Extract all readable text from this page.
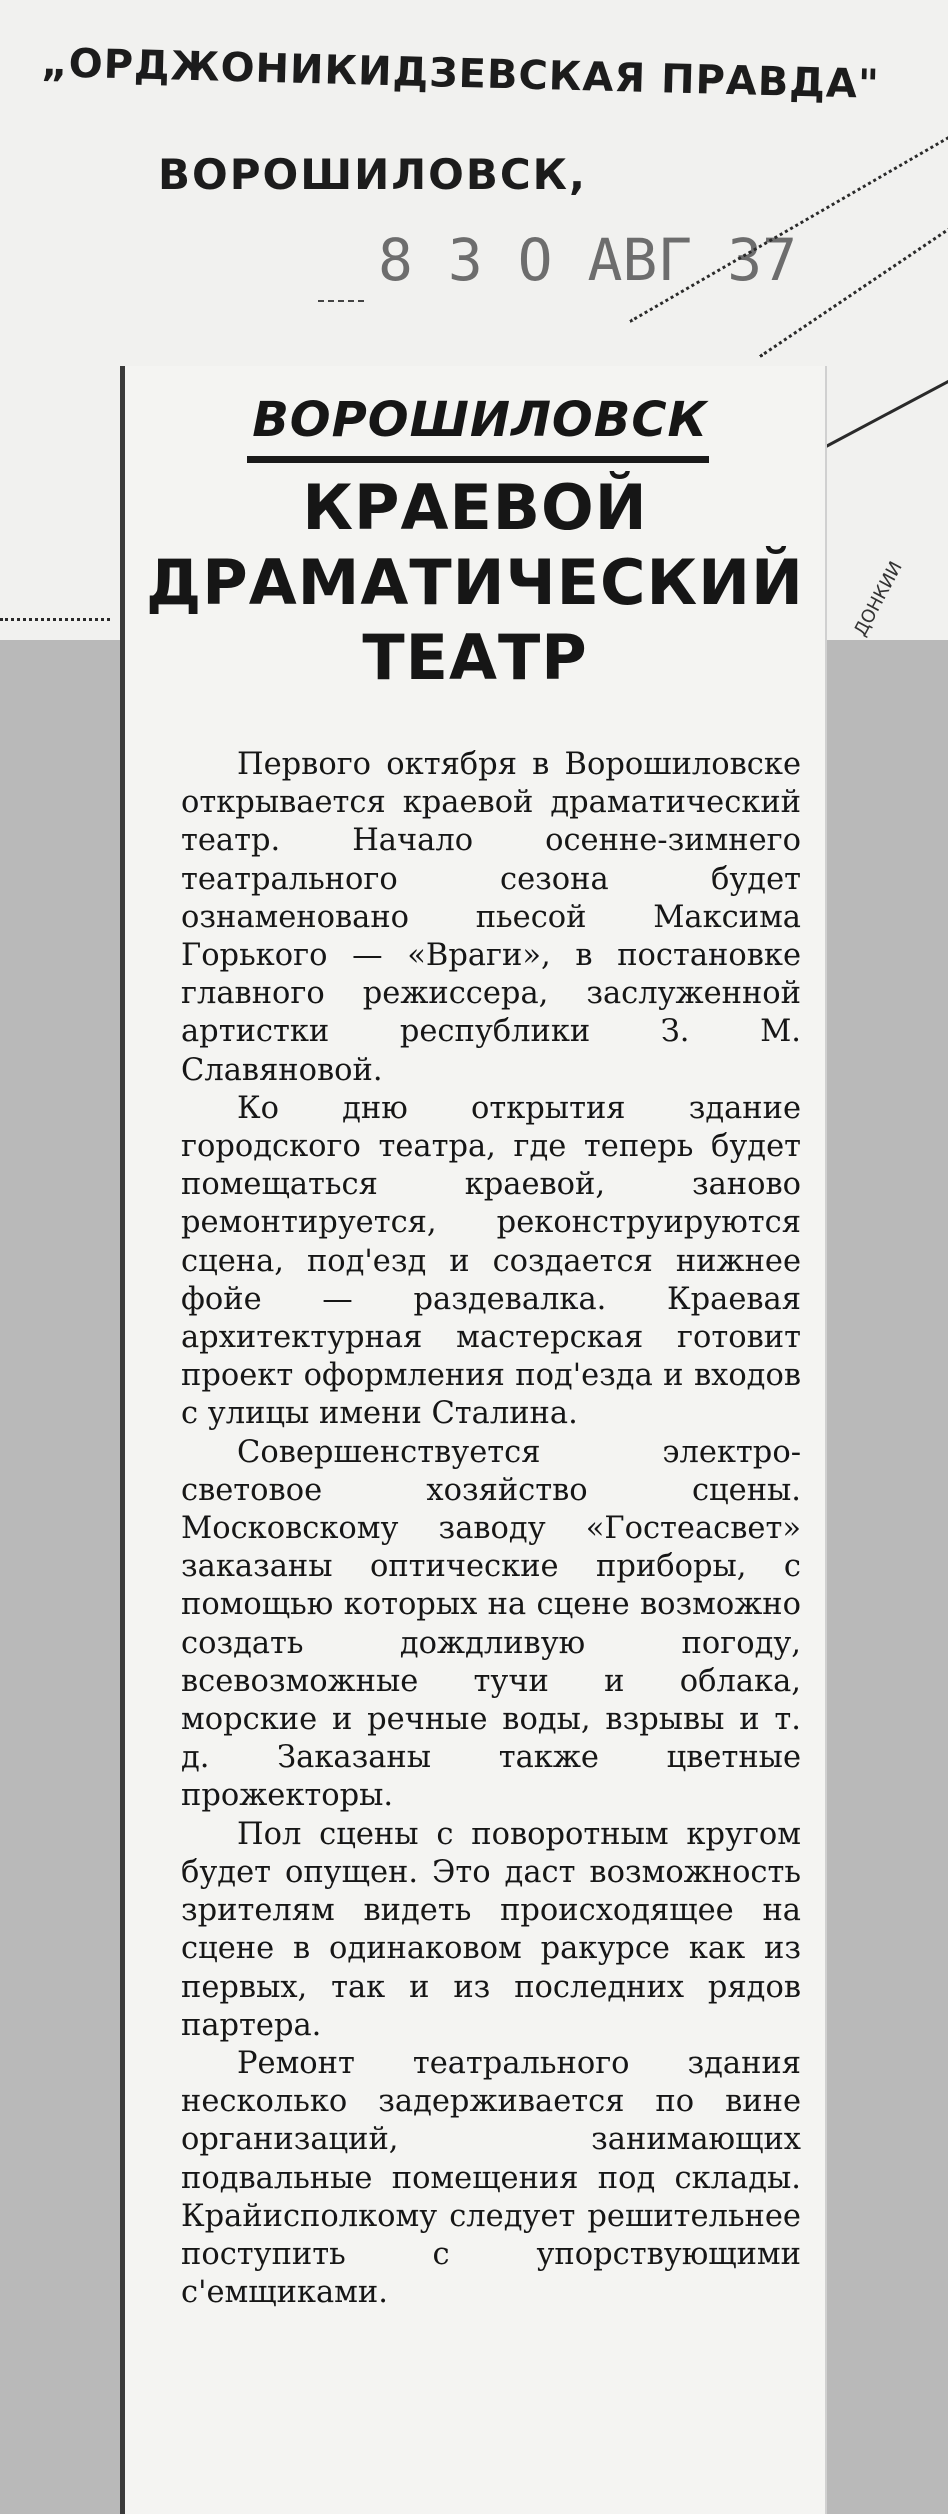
„ОРДЖОНИКИДЗЕВСКАЯ ПРАВДА"
ВОРОШИЛОВСК,
8 3 О АВГ 37
ДОНКИИ
ВОРОШИЛОВСК
КРАЕВОЙ
ДРАМАТИЧЕСКИЙ
ТЕАТР

Первого октября в Ворошиловске открывается краевой драматический театр. Начало осенне-зимнего театрального сезона будет ознаменовано пьесой Максима Горького — «Враги», в постановке главного режиссера, заслуженной артистки республики З. М. Славяновой.

Ко дню открытия здание городского театра, где теперь будет помещаться краевой, заново ремонтируется, реконструируются сцена, под'езд и создается нижнее фойе — раздевалка. Краевая архитектурная мастерская готовит проект оформления под'езда и входов с улицы имени Сталина.

Совершенствуется электро-световое хозяйство сцены. Московскому заводу «Гостеасвет» заказаны оптические приборы, с помощью которых на сцене возможно создать дождливую погоду, всевозможные тучи и облака, морские и речные воды, взрывы и т. д. Заказаны также цветные прожекторы.

Пол сцены с поворотным кругом будет опущен. Это даст возможность зрителям видеть происходящее на сцене в одинаковом ракурсе как из первых, так и из последних рядов партера.

Ремонт театрального здания несколько задерживается по вине организаций, занимающих подвальные помещения под склады. Крайисполкому следует решительнее поступить с упорствующими с'емщиками.
